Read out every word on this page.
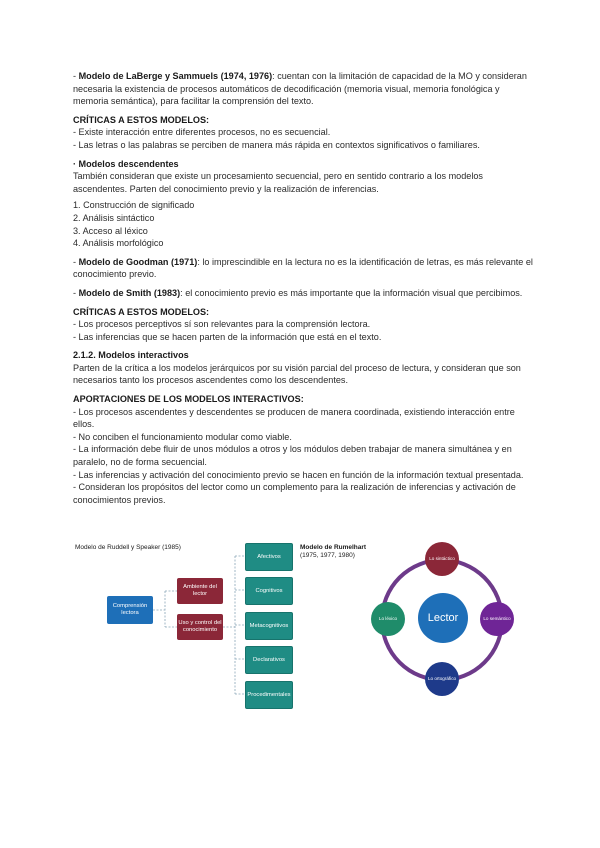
- Modelo de LaBerge y Sammuels (1974, 1976): cuentan con la limitación de capacidad de la MO y consideran necesaria la existencia de procesos automáticos de decodificación (memoria visual, memoria fonológica y memoria semántica), para facilitar la comprensión del texto.

CRÍTICAS A ESTOS MODELOS:

- Existe interacción entre diferentes procesos, no es secuencial.

- Las letras o las palabras se perciben de manera más rápida en contextos significativos o familiares.

· Modelos descendentes

También consideran que existe un procesamiento secuencial, pero en sentido contrario a los modelos ascendentes. Parten del conocimiento previo y la realización de inferencias.

1. Construcción de significado

2. Análisis sintáctico

3. Acceso al léxico

4. Análisis morfológico

- Modelo de Goodman (1971): lo imprescindible en la lectura no es la identificación de letras, es más relevante el conocimiento previo.

- Modelo de Smith (1983): el conocimiento previo es más importante que la información visual que percibimos.

CRÍTICAS A ESTOS MODELOS:

- Los procesos perceptivos sí son relevantes para la comprensión lectora.

- Las inferencias que se hacen parten de la información que está en el texto.

2.1.2. Modelos interactivos

Parten de la crítica a los modelos jerárquicos por su visión parcial del proceso de lectura, y consideran que son necesarios tanto los procesos ascendentes como los descendentes.

APORTACIONES DE LOS MODELOS INTERACTIVOS:

- Los procesos ascendentes y descendentes se producen de manera coordinada, existiendo interacción entre ellos.

- No conciben el funcionamiento modular como viable.

- La información debe fluir de unos módulos a otros y los módulos deben trabajar de manera simultánea y en paralelo, no de forma secuencial.

- Las inferencias y activación del conocimiento previo se hacen en función de la información textual presentada.

- Consideran los propósitos del lector como un complemento para la realización de inferencias y activación de conocimientos previos.

Modelo de Ruddell y Speaker (1985)
Comprensión lectora
Ambiente del lector
Uso y control del conocimiento
Afectivos
Cognitivos
Metacognitivos
Declarativos
Procedimentales
Modelo de Rumelhart
(1975, 1977, 1980)
Lector
Lo sintáctico
Lo semántico
Lo ortográfico
Lo léxico
